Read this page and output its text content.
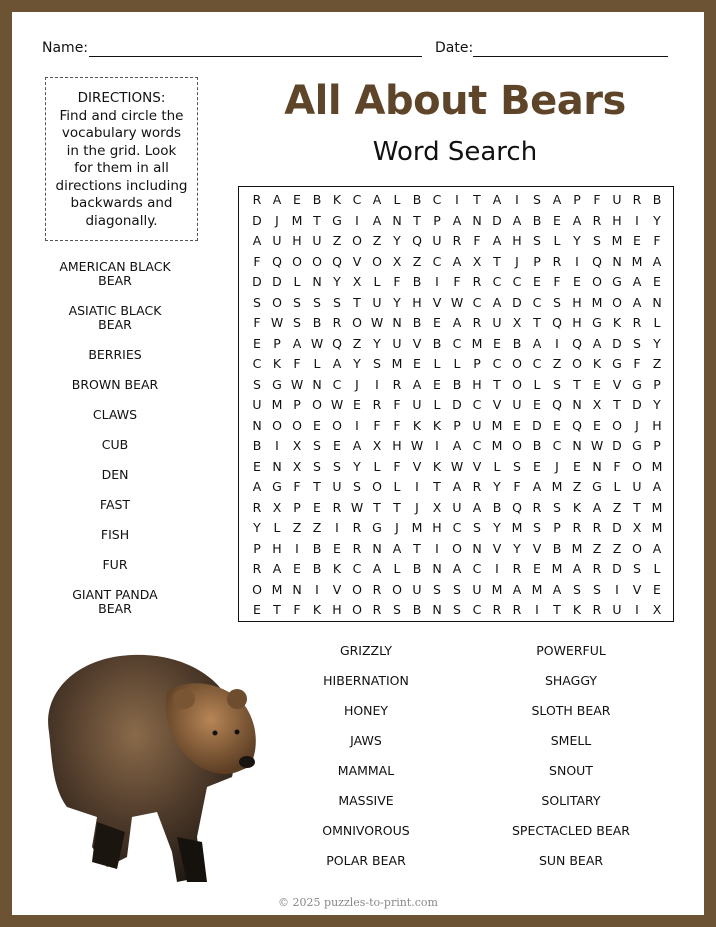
Name:	Date:
DIRECTIONS:
Find and circle the
vocabulary words
in the grid. Look
for them in all
directions including
backwards and
diagonally.
All About Bears
Word Search
R A E B K C A L B C	I	T A	I	S A P	F U R B
D	J	M T G	I	A N T P A N D A B E A R H	I	Y
A U H U Z O Z Y Q U R F A H S	L	Y S M E F
F Q O O Q V O X Z C A X T	J	P R	I	Q N M A
D D L N Y X L	F B	I	F R C C E F E O G A E
S O S S S T U Y H V W C A D C S H M O A N
F W S B R O W N B E A R U X T Q H G K R L
E P A W Q Z Y U V B C M E B A	I	Q A D S Y
C K F	L A Y S M E	L	L	P C O C Z O K G F Z
S G W N C	J	I	R A E B H T O L	S T E V G P
U M P O W E R F U L D C V U E Q N X T D Y
N O O E O	I	F	F K K P U M E D E Q E O	J	H
B	I	X S E A X H W I	A C M O B C N W D G P
E N X S S Y	L	F V K W V L	S E	J	E N F O M
A G F	T U S O L	I	T A R Y	F A M Z G L U A
R X P E R W T T	J	X U A B Q R S K A Z T M
Y	L Z Z	I	R G	J	M H C S Y M S P R R D X M
P H	I	B E R N A T	I	O N V Y V B M Z Z O A
R A E B K C A L B N A C	I	R E M A R D S	L
O M N	I	V O R O U S S U M A M A S S	I	V E
E T	F K H O R S B N S C R R	I	T K R U	I	X
AMERICAN BLACK
BEAR
ASIATIC BLACK
BEAR
BERRIES
BROWN BEAR
CLAWS
CUB
DEN
FAST
FISH
FUR
GIANT PANDA
BEAR
GRIZZLY
HIBERNATION
HONEY
JAWS
MAMMAL
MASSIVE
OMNIVOROUS
POLAR BEAR
POWERFUL
SHAGGY
SLOTH BEAR
SMELL
SNOUT
SOLITARY
SPECTACLED BEAR
SUN BEAR
© 2025 puzzles-to-print.com
